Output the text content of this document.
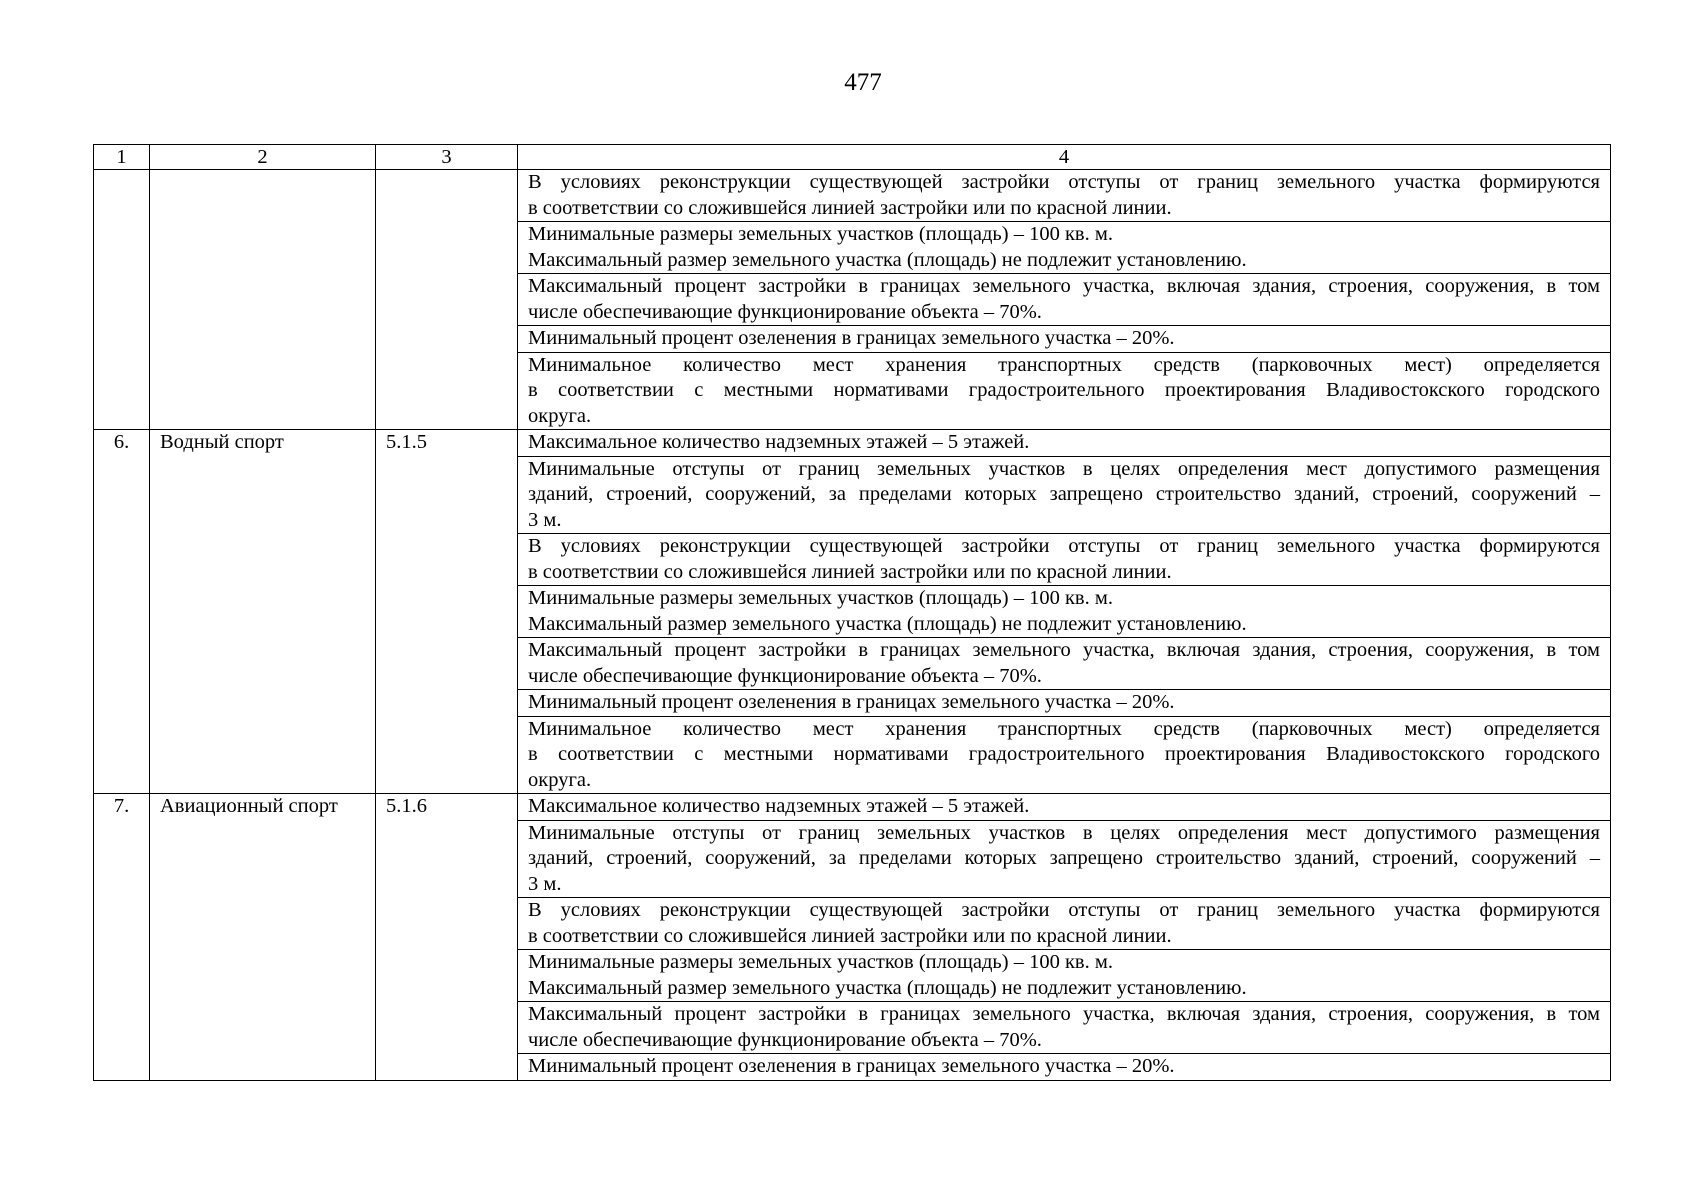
477
1	2	3	4

			В условиях реконструкции существующей застройки отступы от границ земельного участка формируются
в соответствии со сложившейся линией застройки или по красной линии.

			Минимальные размеры земельных участков (площадь) – 100 кв. м.
Максимальный размер земельного участка (площадь) не подлежит установлению.

			Максимальный процент застройки в границах земельного участка, включая здания, строения, сооружения, в том
числе обеспечивающие функционирование объекта – 70%.

			Минимальный процент озеленения в границах земельного участка – 20%.

			Минимальное количество мест хранения транспортных средств (парковочных мест) определяется
в соответствии с местными нормативами градостроительного проектирования Владивостокского городского
округа.

6.	Водный спорт	5.1.5	Максимальное количество надземных этажей – 5 этажей.

			Минимальные отступы от границ земельных участков в целях определения мест допустимого размещения
зданий, строений, сооружений, за пределами которых запрещено строительство зданий, строений, сооружений –
3 м.

			В условиях реконструкции существующей застройки отступы от границ земельного участка формируются
в соответствии со сложившейся линией застройки или по красной линии.

			Минимальные размеры земельных участков (площадь) – 100 кв. м.
Максимальный размер земельного участка (площадь) не подлежит установлению.

			Максимальный процент застройки в границах земельного участка, включая здания, строения, сооружения, в том
числе обеспечивающие функционирование объекта – 70%.

			Минимальный процент озеленения в границах земельного участка – 20%.

			Минимальное количество мест хранения транспортных средств (парковочных мест) определяется
в соответствии с местными нормативами градостроительного проектирования Владивостокского городского
округа.

7.	Авиационный спорт	5.1.6	Максимальное количество надземных этажей – 5 этажей.

			Минимальные отступы от границ земельных участков в целях определения мест допустимого размещения
зданий, строений, сооружений, за пределами которых запрещено строительство зданий, строений, сооружений –
3 м.

			В условиях реконструкции существующей застройки отступы от границ земельного участка формируются
в соответствии со сложившейся линией застройки или по красной линии.

			Минимальные размеры земельных участков (площадь) – 100 кв. м.
Максимальный размер земельного участка (площадь) не подлежит установлению.

			Максимальный процент застройки в границах земельного участка, включая здания, строения, сооружения, в том
числе обеспечивающие функционирование объекта – 70%.

			Минимальный процент озеленения в границах земельного участка – 20%.
